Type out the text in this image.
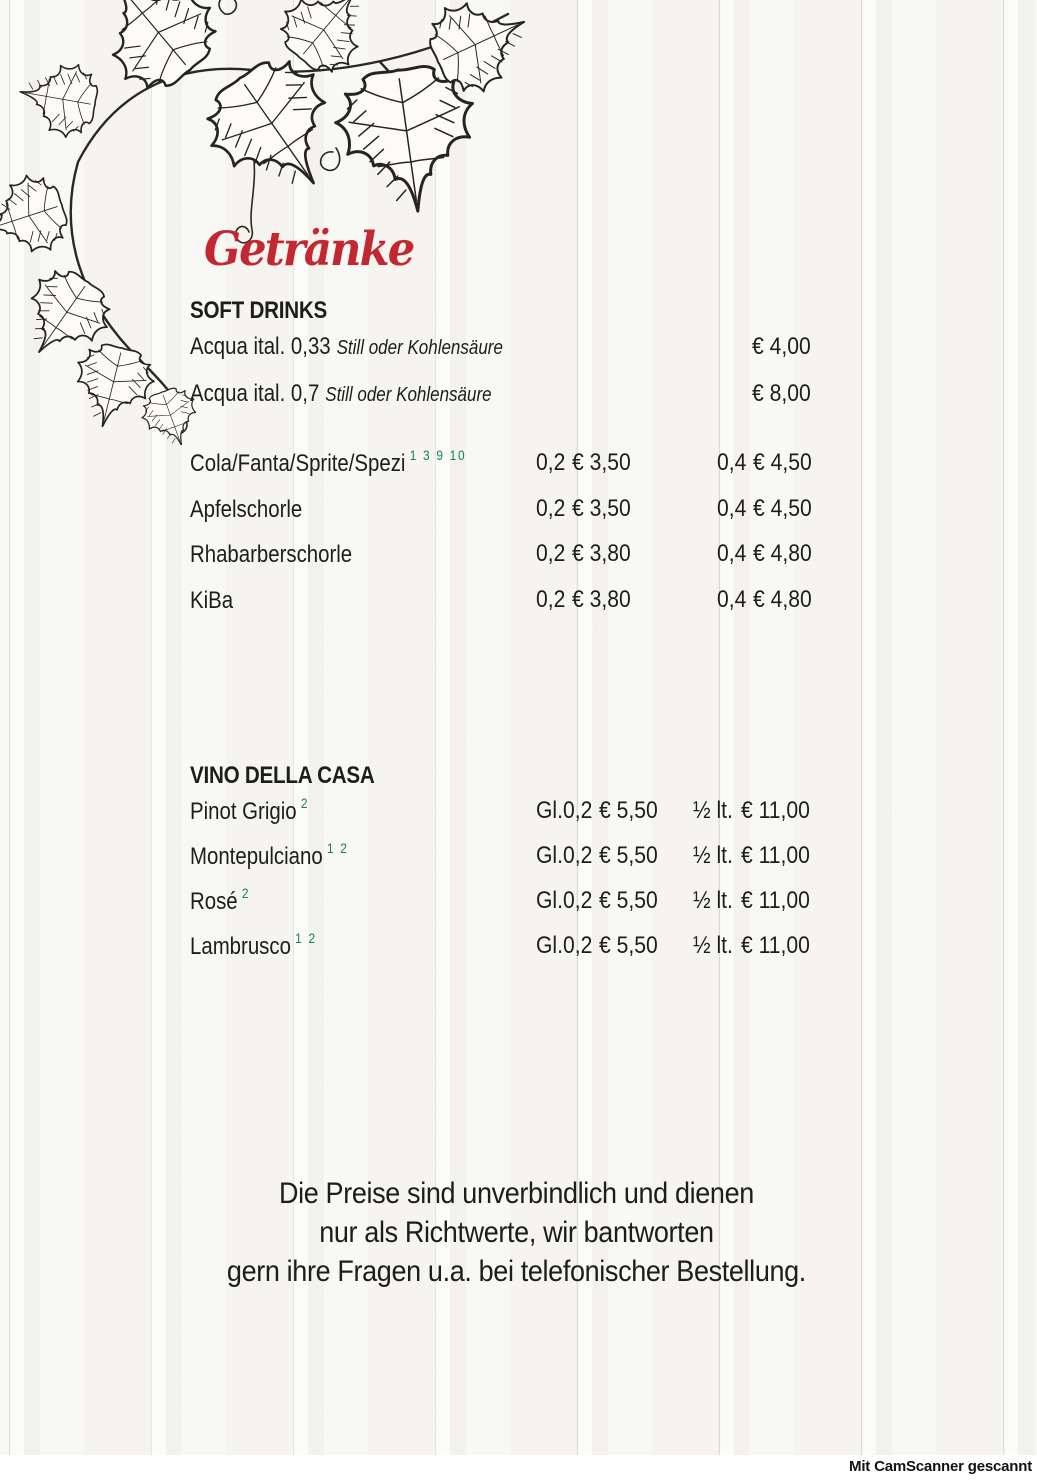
Getränke
SOFT DRINKS
Acqua ital. 0,33 Still oder Kohlensäure	€ 4,00
Acqua ital. 0,7 Still oder Kohlensäure	€ 8,00
Cola/Fanta/Sprite/Spezi $^{1 3 9 10}$	0,2 € 3,50	0,4 € 4,50
Apfelschorle	0,2 € 3,50	0,4 € 4,50
Rhabarberschorle	0,2 € 3,80	0,4 € 4,80
KiBa	0,2 € 3,80	0,4 € 4,80
VINO DELLA CASA
Pinot Grigio $^2$	Gl.0,2 € 5,50 ½ lt. € 11,00
Montepulciano $^{1 2}$	Gl.0,2 € 5,50 ½ lt. € 11,00
Rosé $^2$	Gl.0,2 € 5,50 ½ lt. € 11,00
Lambrusco $^{1 2}$	Gl.0,2 € 5,50 ½ lt. € 11,00
Die Preise sind unverbindlich und dienen
nur als Richtwerte, wir bantworten
gern ihre Fragen u.a. bei telefonischer Bestellung.
Mit CamScanner gescannt
